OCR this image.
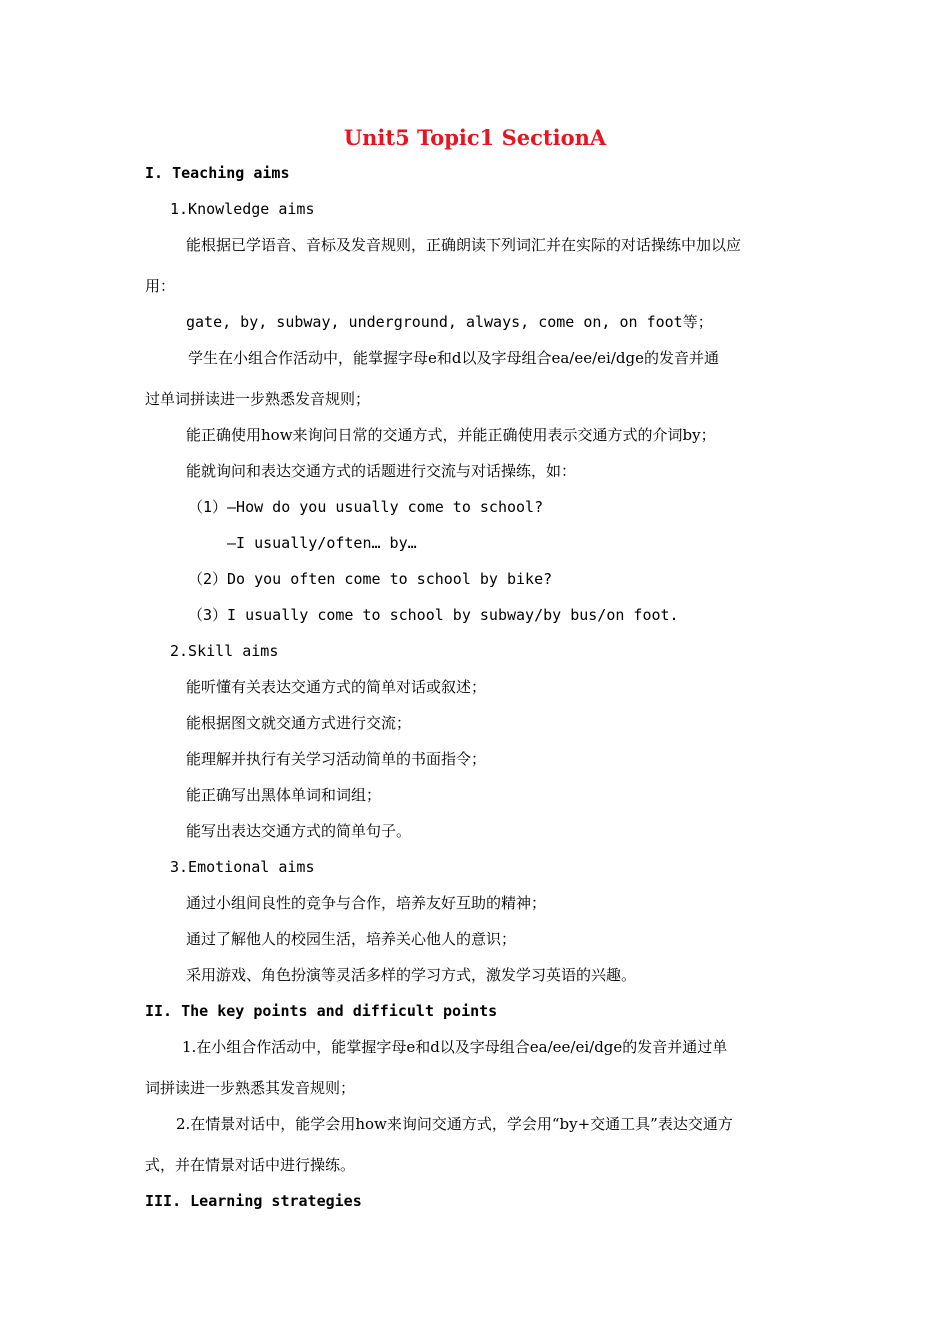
Unit5 Topic1 SectionA
I. Teaching aims
1.Knowledge aims
能根据已学语音、音标及发音规则，正确朗读下列词汇并在实际的对话操练中加以应
用：
gate, by, subway, underground, always, come on, on foot等；
学生在小组合作活动中，能掌握字母e和d以及字母组合ea/ee/ei/dge的发音并通
过单词拼读进一步熟悉发音规则；
能正确使用how来询问日常的交通方式，并能正确使用表示交通方式的介词by；
能就询问和表达交通方式的话题进行交流与对话操练，如：
（1）—How do you usually come to school?
—I usually/often… by…
（2）Do you often come to school by bike?
（3）I usually come to school by subway/by bus/on foot.
2.Skill aims
能听懂有关表达交通方式的简单对话或叙述；
能根据图文就交通方式进行交流；
能理解并执行有关学习活动简单的书面指令；
能正确写出黑体单词和词组；
能写出表达交通方式的简单句子。
3.Emotional aims
通过小组间良性的竞争与合作，培养友好互助的精神；
通过了解他人的校园生活，培养关心他人的意识；
采用游戏、角色扮演等灵活多样的学习方式，激发学习英语的兴趣。
II. The key points and difficult points
1.在小组合作活动中，能掌握字母e和d以及字母组合ea/ee/ei/dge的发音并通过单
词拼读进一步熟悉其发音规则；
2.在情景对话中，能学会用how来询问交通方式，学会用“by+交通工具”表达交通方
式，并在情景对话中进行操练。
III. Learning strategies
